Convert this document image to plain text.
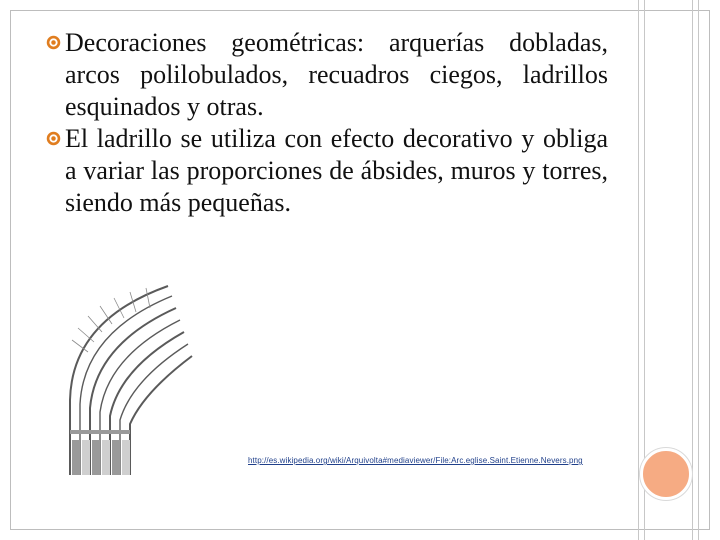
Decoraciones geométricas: arquerías dobladas, arcos polilobulados, recuadros ciegos, ladrillos esquinados y otras.

El ladrillo se utiliza con efecto decorativo y obliga a variar las proporciones de ábsides, muros y torres, siendo más pequeñas.

http://es.wikipedia.org/wiki/Arquivolta#mediaviewer/File:Arc.eglise.Saint.Etienne.Nevers.png
